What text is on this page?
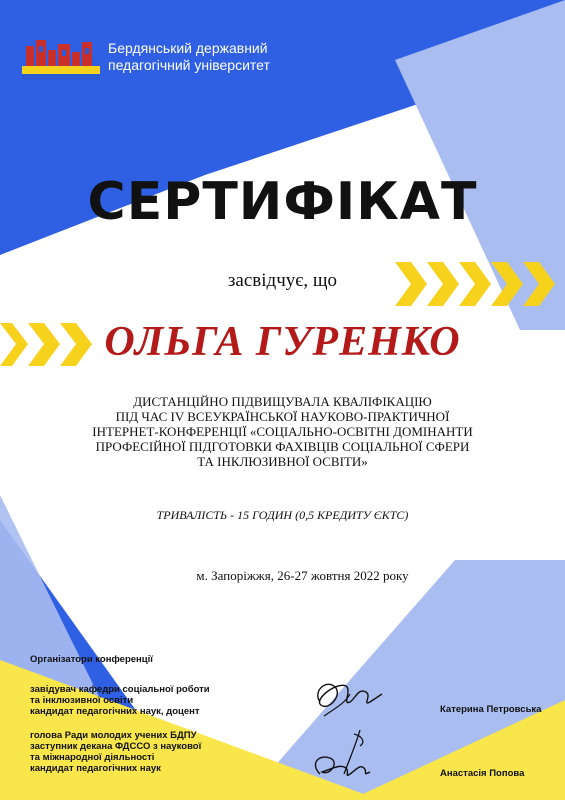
Бердянський державний
педагогічний університет
СЕРТИФІКАТ
засвідчує, що
ОЛЬГА ГУРЕНКО
ДИСТАНЦІЙНО ПІДВИЩУВАЛА КВАЛІФІКАЦІЮ
ПІД ЧАС IV ВСЕУКРАЇНСЬКОЇ НАУКОВО-ПРАКТИЧНОЇ
ІНТЕРНЕТ-КОНФЕРЕНЦІЇ «СОЦІАЛЬНО-ОСВІТНІ ДОМІНАНТИ
ПРОФЕСІЙНОЇ ПІДГОТОВКИ ФАХІВЦІВ СОЦІАЛЬНОЇ СФЕРИ
ТА ІНКЛЮЗИВНОЇ ОСВІТИ»
ТРИВАЛІСТЬ - 15 ГОДИН (0,5 КРЕДИТУ ЄКТС)
м. Запоріжжя, 26-27 жовтня 2022 року
Організатори конференції
завідувач кафедри соціальної роботи
та інклюзивної освіти
кандидат педагогічних наук, доцент
голова Ради молодих учених БДПУ
заступник декана ФДССО з наукової
та міжнародної діяльності
кандидат педагогічних наук
Катерина Петровська
Анастасія Попова
